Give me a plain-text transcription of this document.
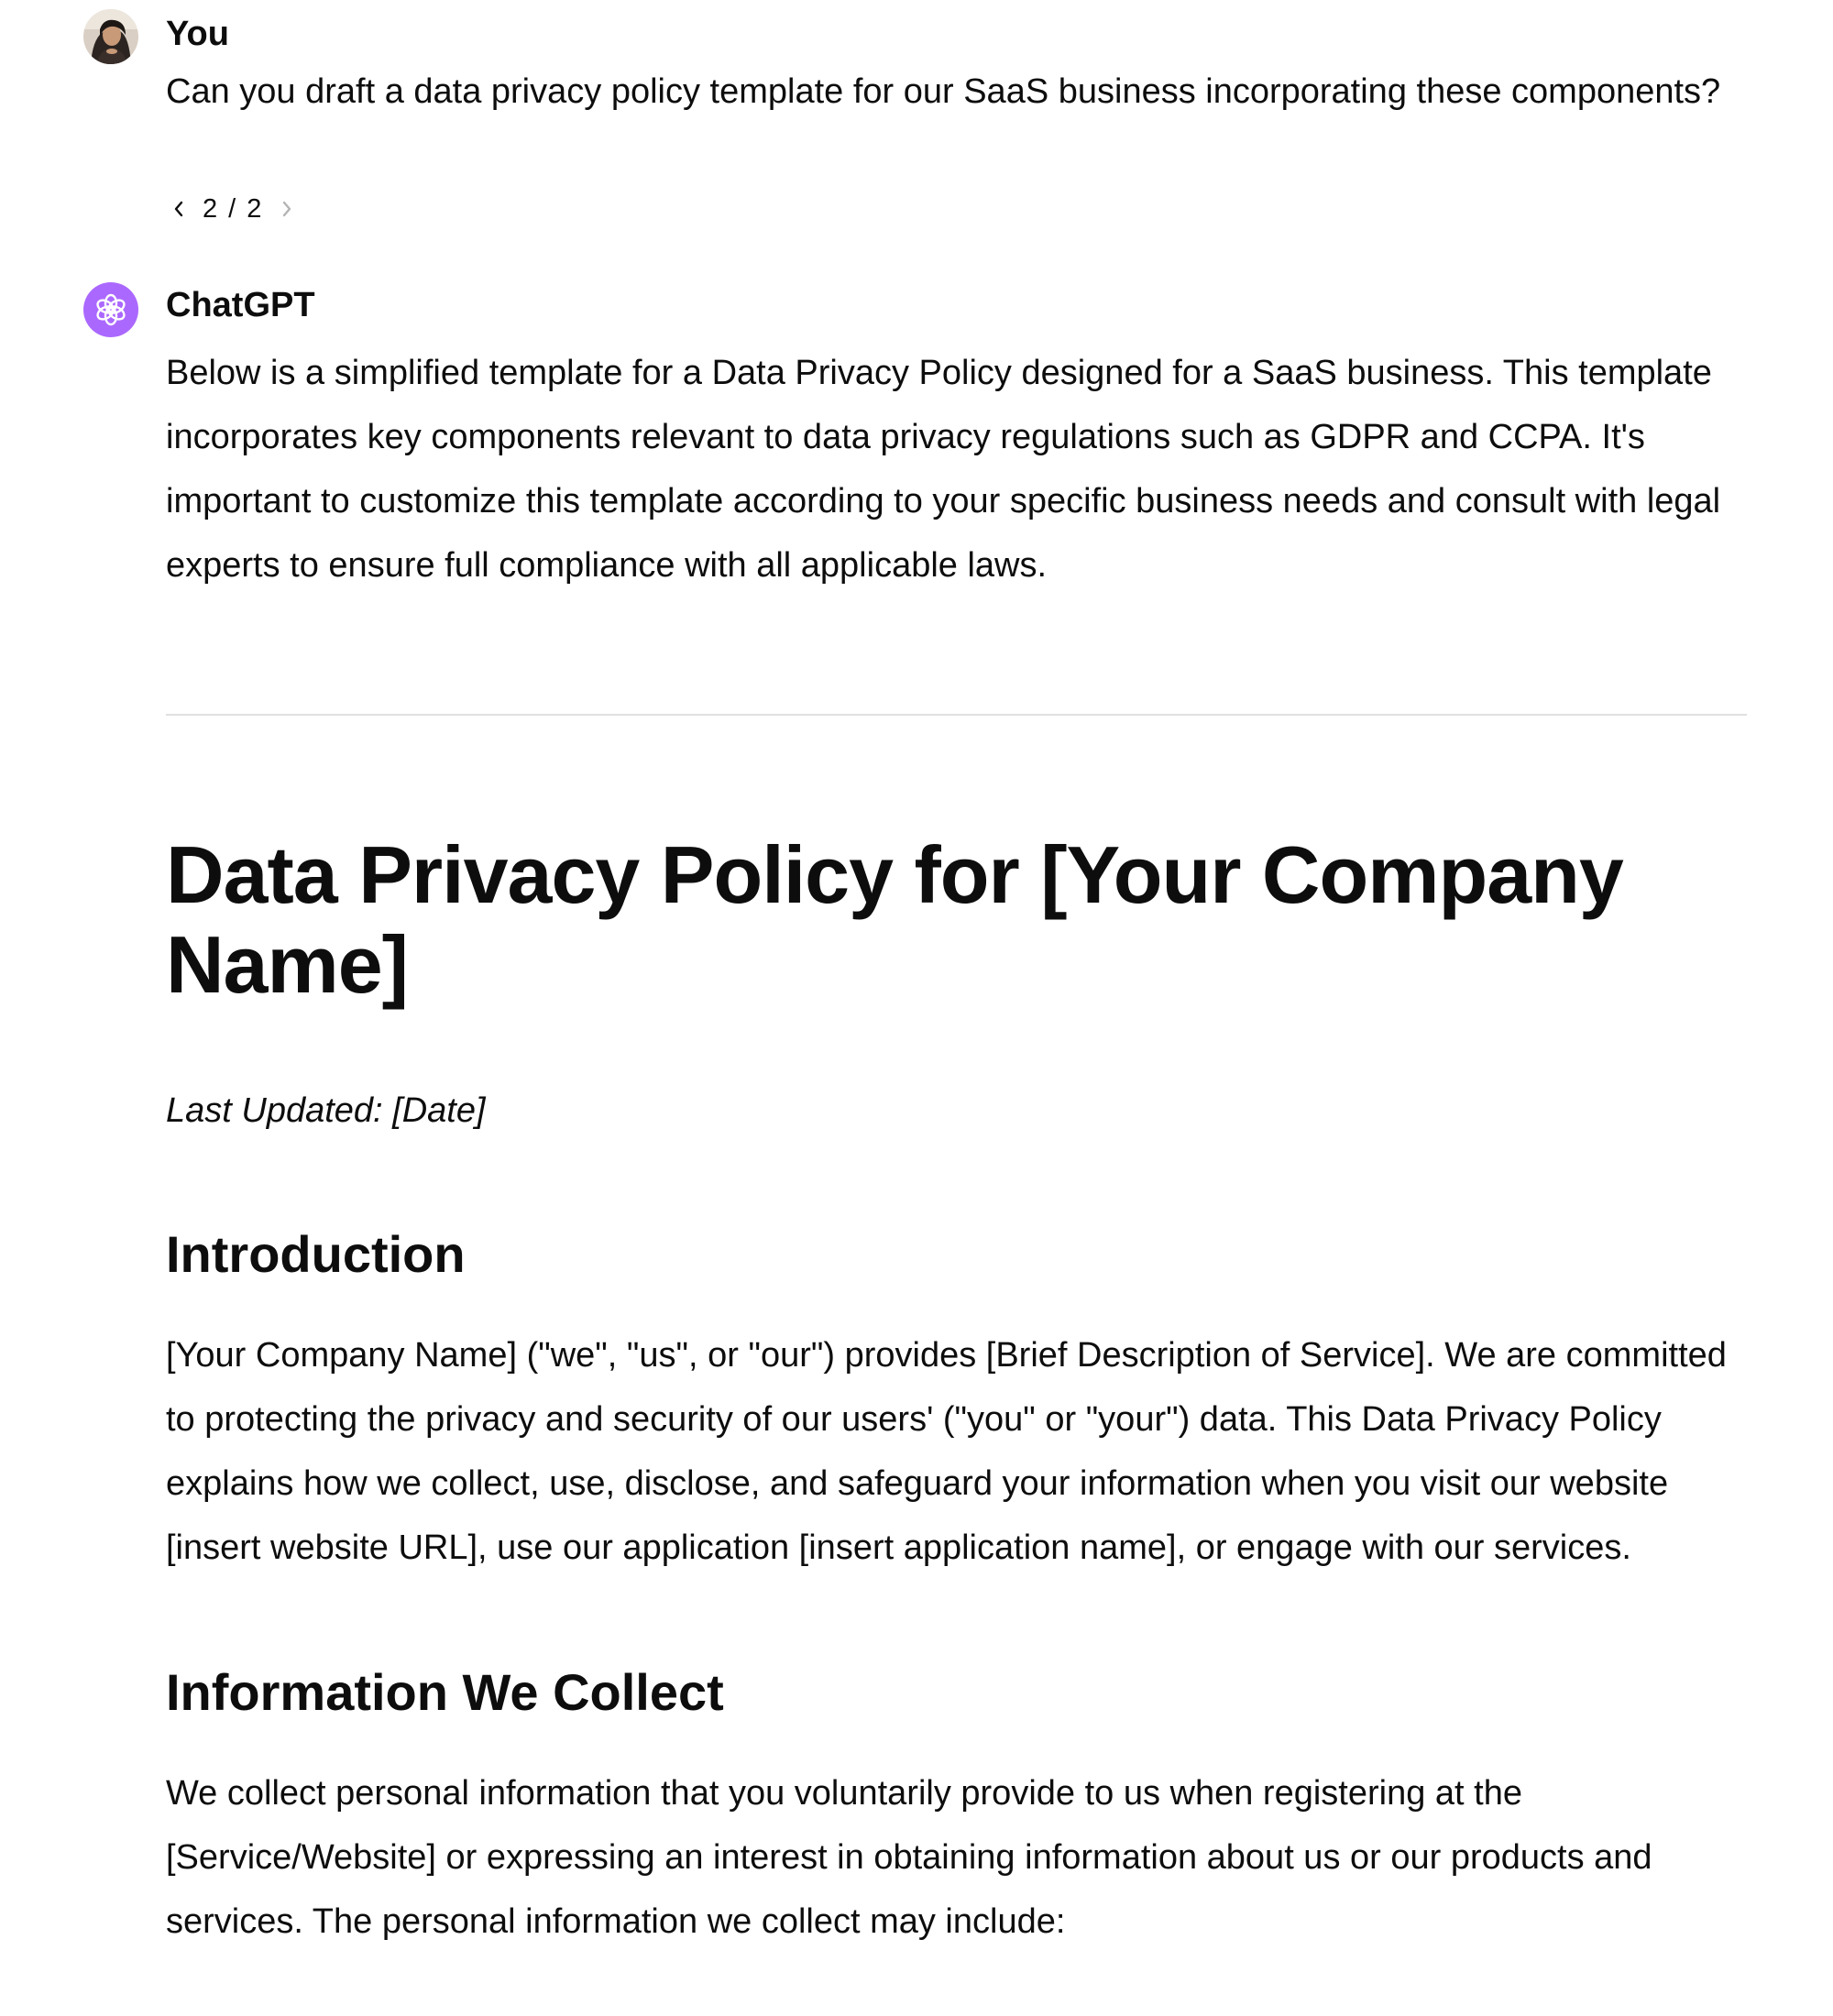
You
Can you draft a data privacy policy template for our SaaS business incorporating these components?
2 / 2
ChatGPT

Below is a simplified template for a Data Privacy Policy designed for a SaaS business. This template incorporates key components relevant to data privacy regulations such as GDPR and CCPA. It's important to customize this template according to your specific business needs and consult with legal experts to ensure full compliance with all applicable laws.

Data Privacy Policy for [Your Company Name]

Last Updated: [Date]

Introduction

[Your Company Name] ("we", "us", or "our") provides [Brief Description of Service]. We are committed to protecting the privacy and security of our users' ("you" or "your") data. This Data Privacy Policy explains how we collect, use, disclose, and safeguard your information when you visit our website [insert website URL], use our application [insert application name], or engage with our services.

Information We Collect

We collect personal information that you voluntarily provide to us when registering at the [Service/Website] or expressing an interest in obtaining information about us or our products and services. The personal information we collect may include:
